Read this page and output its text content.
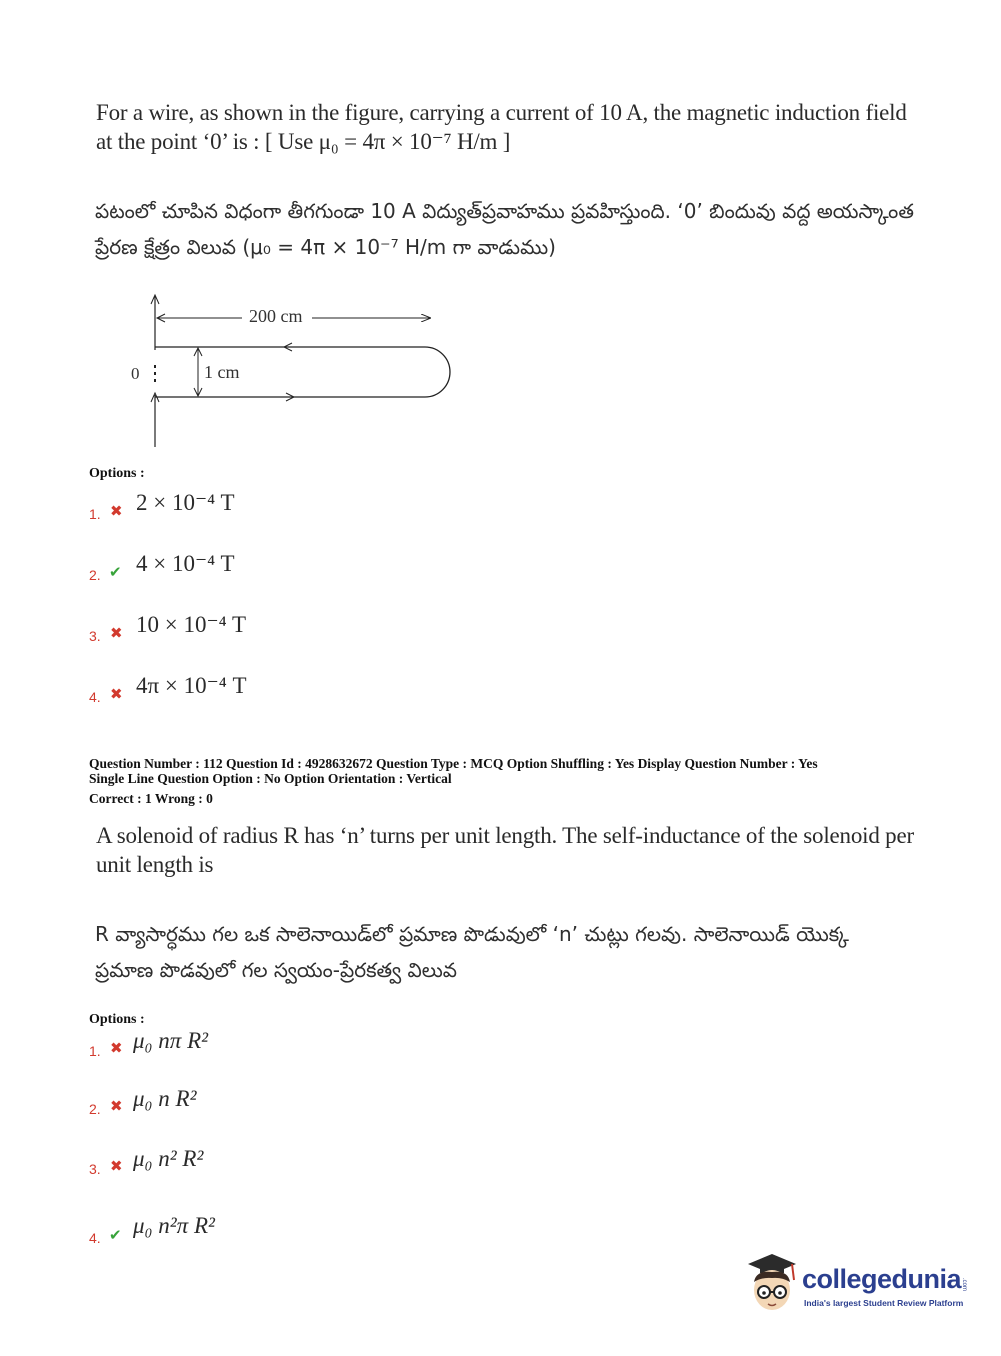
For a wire, as shown in the figure, carrying a current of 10 A, the magnetic induction field
at the point ‘0’ is : [ Use μ₀ = 4π × 10⁻⁷ H/m ]
పటంలో చూపిన విధంగా తీగగుండా 10 A విద్యుత్‌ప్రవాహము ప్రవహిస్తుంది. ‘0’ బిందువు వద్ద అయస్కాంత
ప్రేరణ క్షేత్రం విలువ (μ₀ = 4π × 10⁻⁷ H/m గా వాడుము)
200 cm
1 cm
0
Options :
1. ✖ 2 × 10⁻⁴ T
2. ✔ 4 × 10⁻⁴ T
3. ✖ 10 × 10⁻⁴ T
4. ✖ 4π × 10⁻⁴ T
Question Number : 112 Question Id : 4928632672 Question Type : MCQ Option Shuffling : Yes Display Question Number : Yes
Single Line Question Option : No Option Orientation : Vertical
Correct : 1 Wrong : 0
A solenoid of radius R has ‘n’ turns per unit length. The self-inductance of the solenoid per
unit length is
R వ్యాసార్ధము గల ఒక సాలెనాయిడ్‌లో ప్రమాణ పొడువులో ‘n’ చుట్లు గలవు. సాలెనాయిడ్ యొక్క
ప్రమాణ పొడవులో గల స్వయం-ప్రేరకత్వ విలువ
Options :
1. ✖ μ₀ nπ R²
2. ✖ μ₀ n R²
3. ✖ μ₀ n² R²
4. ✔ μ₀ n²π R²
collegedunia.com
India's largest Student Review Platform
